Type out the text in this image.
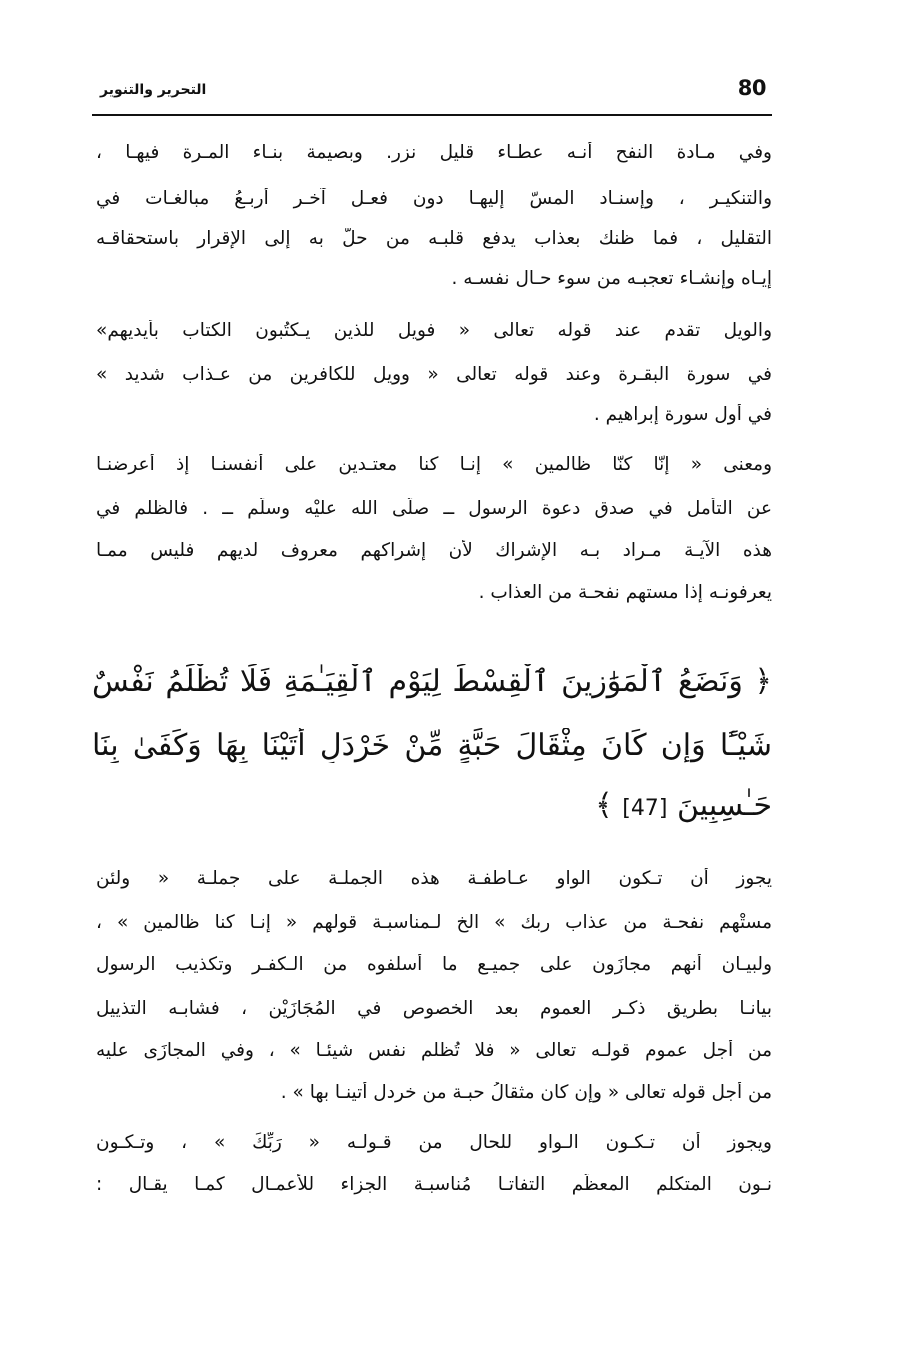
80
التحرير والتنوير
وفي مـادة النفح أنـه عطـاء قليل نزر. وبصيمة بنـاء المـرة فيهـا ،
والتنكيـر ، وإسنـاد المسّ إليهـا دون فعـل آخـر أربـعُ مبالغـات في
التقليل ، فما ظنك بعذاب يدفع قلبـه من حلّ به إلى الإقرار باستحقاقـه
إيـاه وإنشـاء تعجبـه من سوء حـال نفسـه .
والويل تقدم عند قوله تعالى « فويل للذين يـكتُبون الكتاب بأيديهم»
في سورة البقـرة وعند قوله تعالى « وويل للكافرين من عـذاب شديد »
في أول سورة إبراهيم .
ومعنى « إنّا كنّا ظالمين » إنـا كنا معتـدين على أنفسنـا إذ أعرضنـا
عن التأمل في صدق دعوة الرسول ــ صلّى الله عليْه وسلّم ــ . فالظلم في
هذه الآيـة مـراد بـه الإشراك لأن إشراكهم معروف لديهم فليس ممـا
يعرفونـه إذا مستهم نفحـة من العذاب .
﴿ وَنَضَعُ ٱلْمَوَٰزِينَ ٱلْقِسْطَ لِيَوْمِ ٱلْقِيَـٰمَةِ فَلَا تُظْلَمُ نَفْسٌ
شَيْـًٔا وَإِن كَانَ مِثْقَالَ حَبَّةٍ مِّنْ خَرْدَلٍ أَتَيْنَا بِهَا وَكَفَىٰ بِنَا
حَـٰسِبِينَ [47] ﴾
يجوز أن تـكون الواو عـاطفـة هذه الجملـة على جملـة « ولئن
مستْهم نفحـة من عذاب ربك » الخ لـمناسبـة قولهم « إنـا كنا ظالمين » ،
ولبيـان أنهم مجازَون على جميـع ما أسلفوه من الـكفـر وتكذيب الرسول
بيانـا بطريق ذكـر العموم بعد الخصوص في المُجَازَيْن ، فشابـه التذييل
من أجل عموم قولـه تعالى « فلا تُظلم نفس شيئـا » ، وفي المجازَى عليه
من أجل قوله تعالى « وإن كان مثقالُ حبـة من خردل أتينـا بها » .
ويجوز أن تـكـون الـواو للحال من قـولـه « رَبِّكَ » ، وتـكـون
نـون المتكلم المعظّم التفاتـا مُناسبـة الجزاء للأعمـال كمـا يقـال :
